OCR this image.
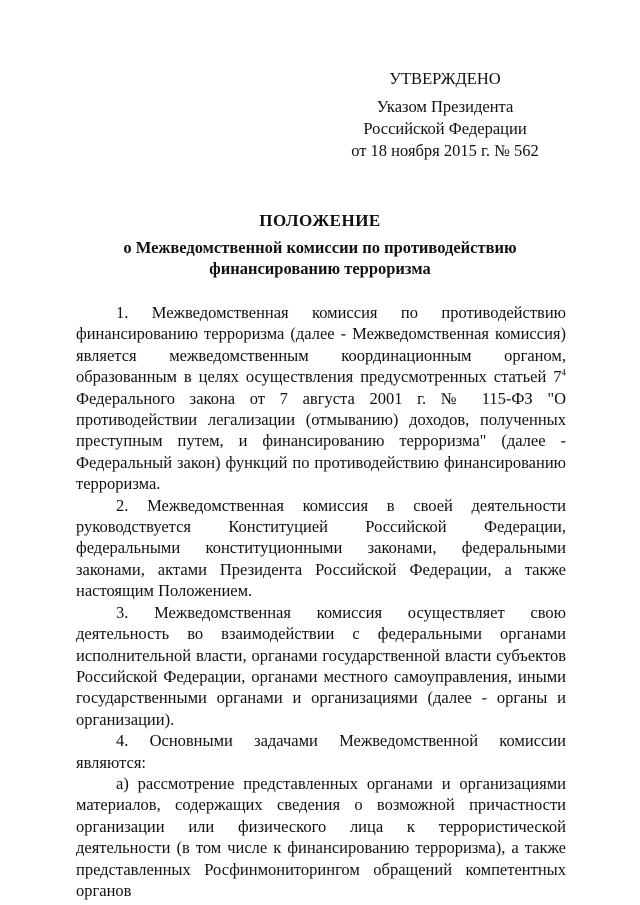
УТВЕРЖДЕНО
Указом Президента
Российской Федерации
от 18 ноября 2015 г. № 562
ПОЛОЖЕНИЕ
о Межведомственной комиссии по противодействию
финансированию терроризма

1. Межведомственная комиссия по противодействию финансированию терроризма (далее - Межведомственная комиссия) является межведомственным координационным органом, образованным в целях осуществления предусмотренных статьей $7^4$ Федерального закона от 7 августа 2001 г. № 115-ФЗ "О противодействии легализации (отмыванию) доходов, полученных преступным путем, и финансированию терроризма" (далее - Федеральный закон) функций по противодействию финансированию терроризма.

2. Межведомственная комиссия в своей деятельности руководствуется Конституцией Российской Федерации, федеральными конституционными законами, федеральными законами, актами Президента Российской Федерации, а также настоящим Положением.

3. Межведомственная комиссия осуществляет свою деятельность во взаимодействии с федеральными органами исполнительной власти, органами государственной власти субъектов Российской Федерации, органами местного самоуправления, иными государственными органами и организациями (далее - органы и организации).

4. Основными задачами Межведомственной комиссии являются:

а) рассмотрение представленных органами и организациями материалов, содержащих сведения о возможной причастности организации или физического лица к террористической деятельности (в том числе к финансированию терроризма), а также представленных Росфинмониторингом обращений компетентных органов
